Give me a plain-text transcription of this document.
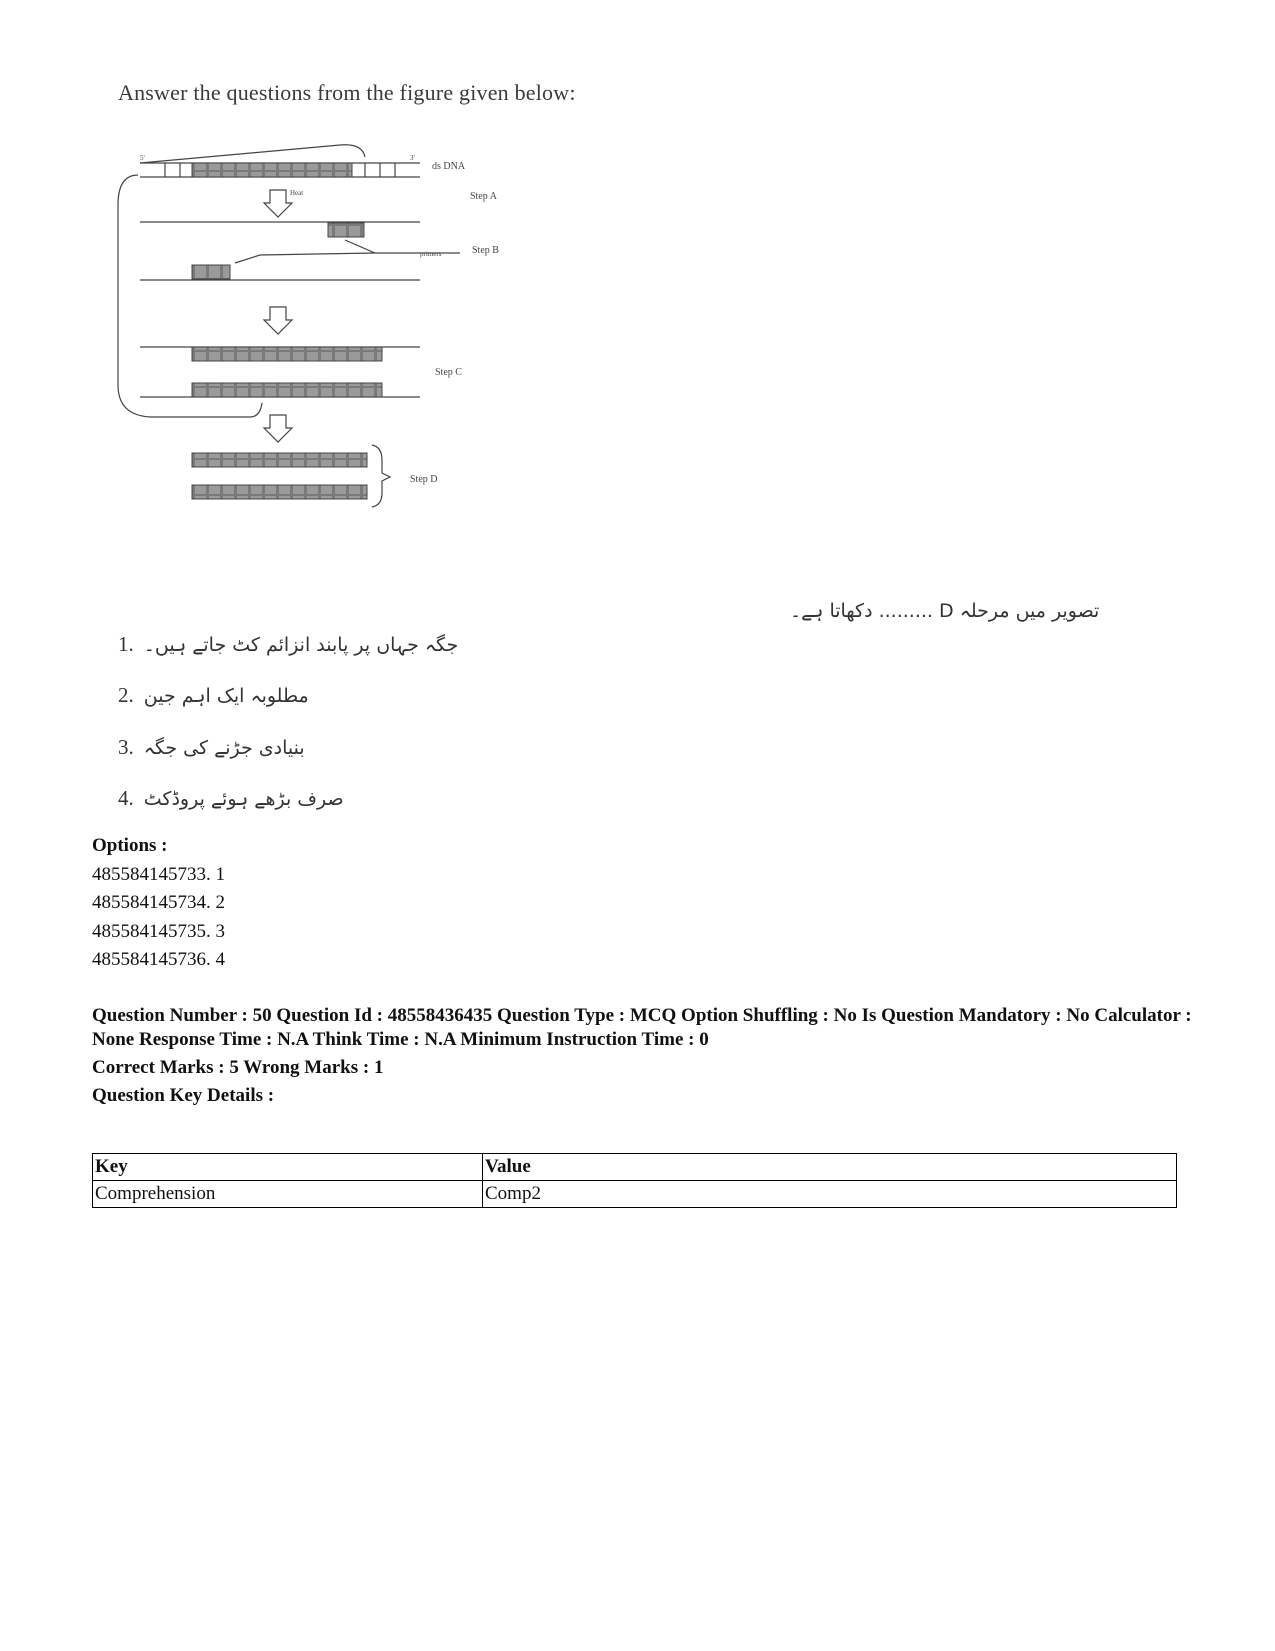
Answer the questions from the figure given below:
ds DNA
Step A
Heat
primers	Step B
Step C
Step D
5'	3'
تصویر میں مرحلہ D ......... دکھاتا ہے۔
1. جگہ جہاں پر پابند انزائم کٹ جاتے ہیں۔
2. مطلوبہ ایک اہم جین
3. بنیادی جڑنے کی جگہ
4. صرف بڑھے ہوئے پروڈکٹ
Options :
485584145733. 1
485584145734. 2
485584145735. 3
485584145736. 4

Question Number : 50 Question Id : 48558436435 Question Type : MCQ Option Shuffling : No Is Question Mandatory : No Calculator : None Response Time : N.A Think Time : N.A Minimum Instruction Time : 0

Correct Marks : 5 Wrong Marks : 1

Question Key Details :

Key	Value
Comprehension	Comp2
